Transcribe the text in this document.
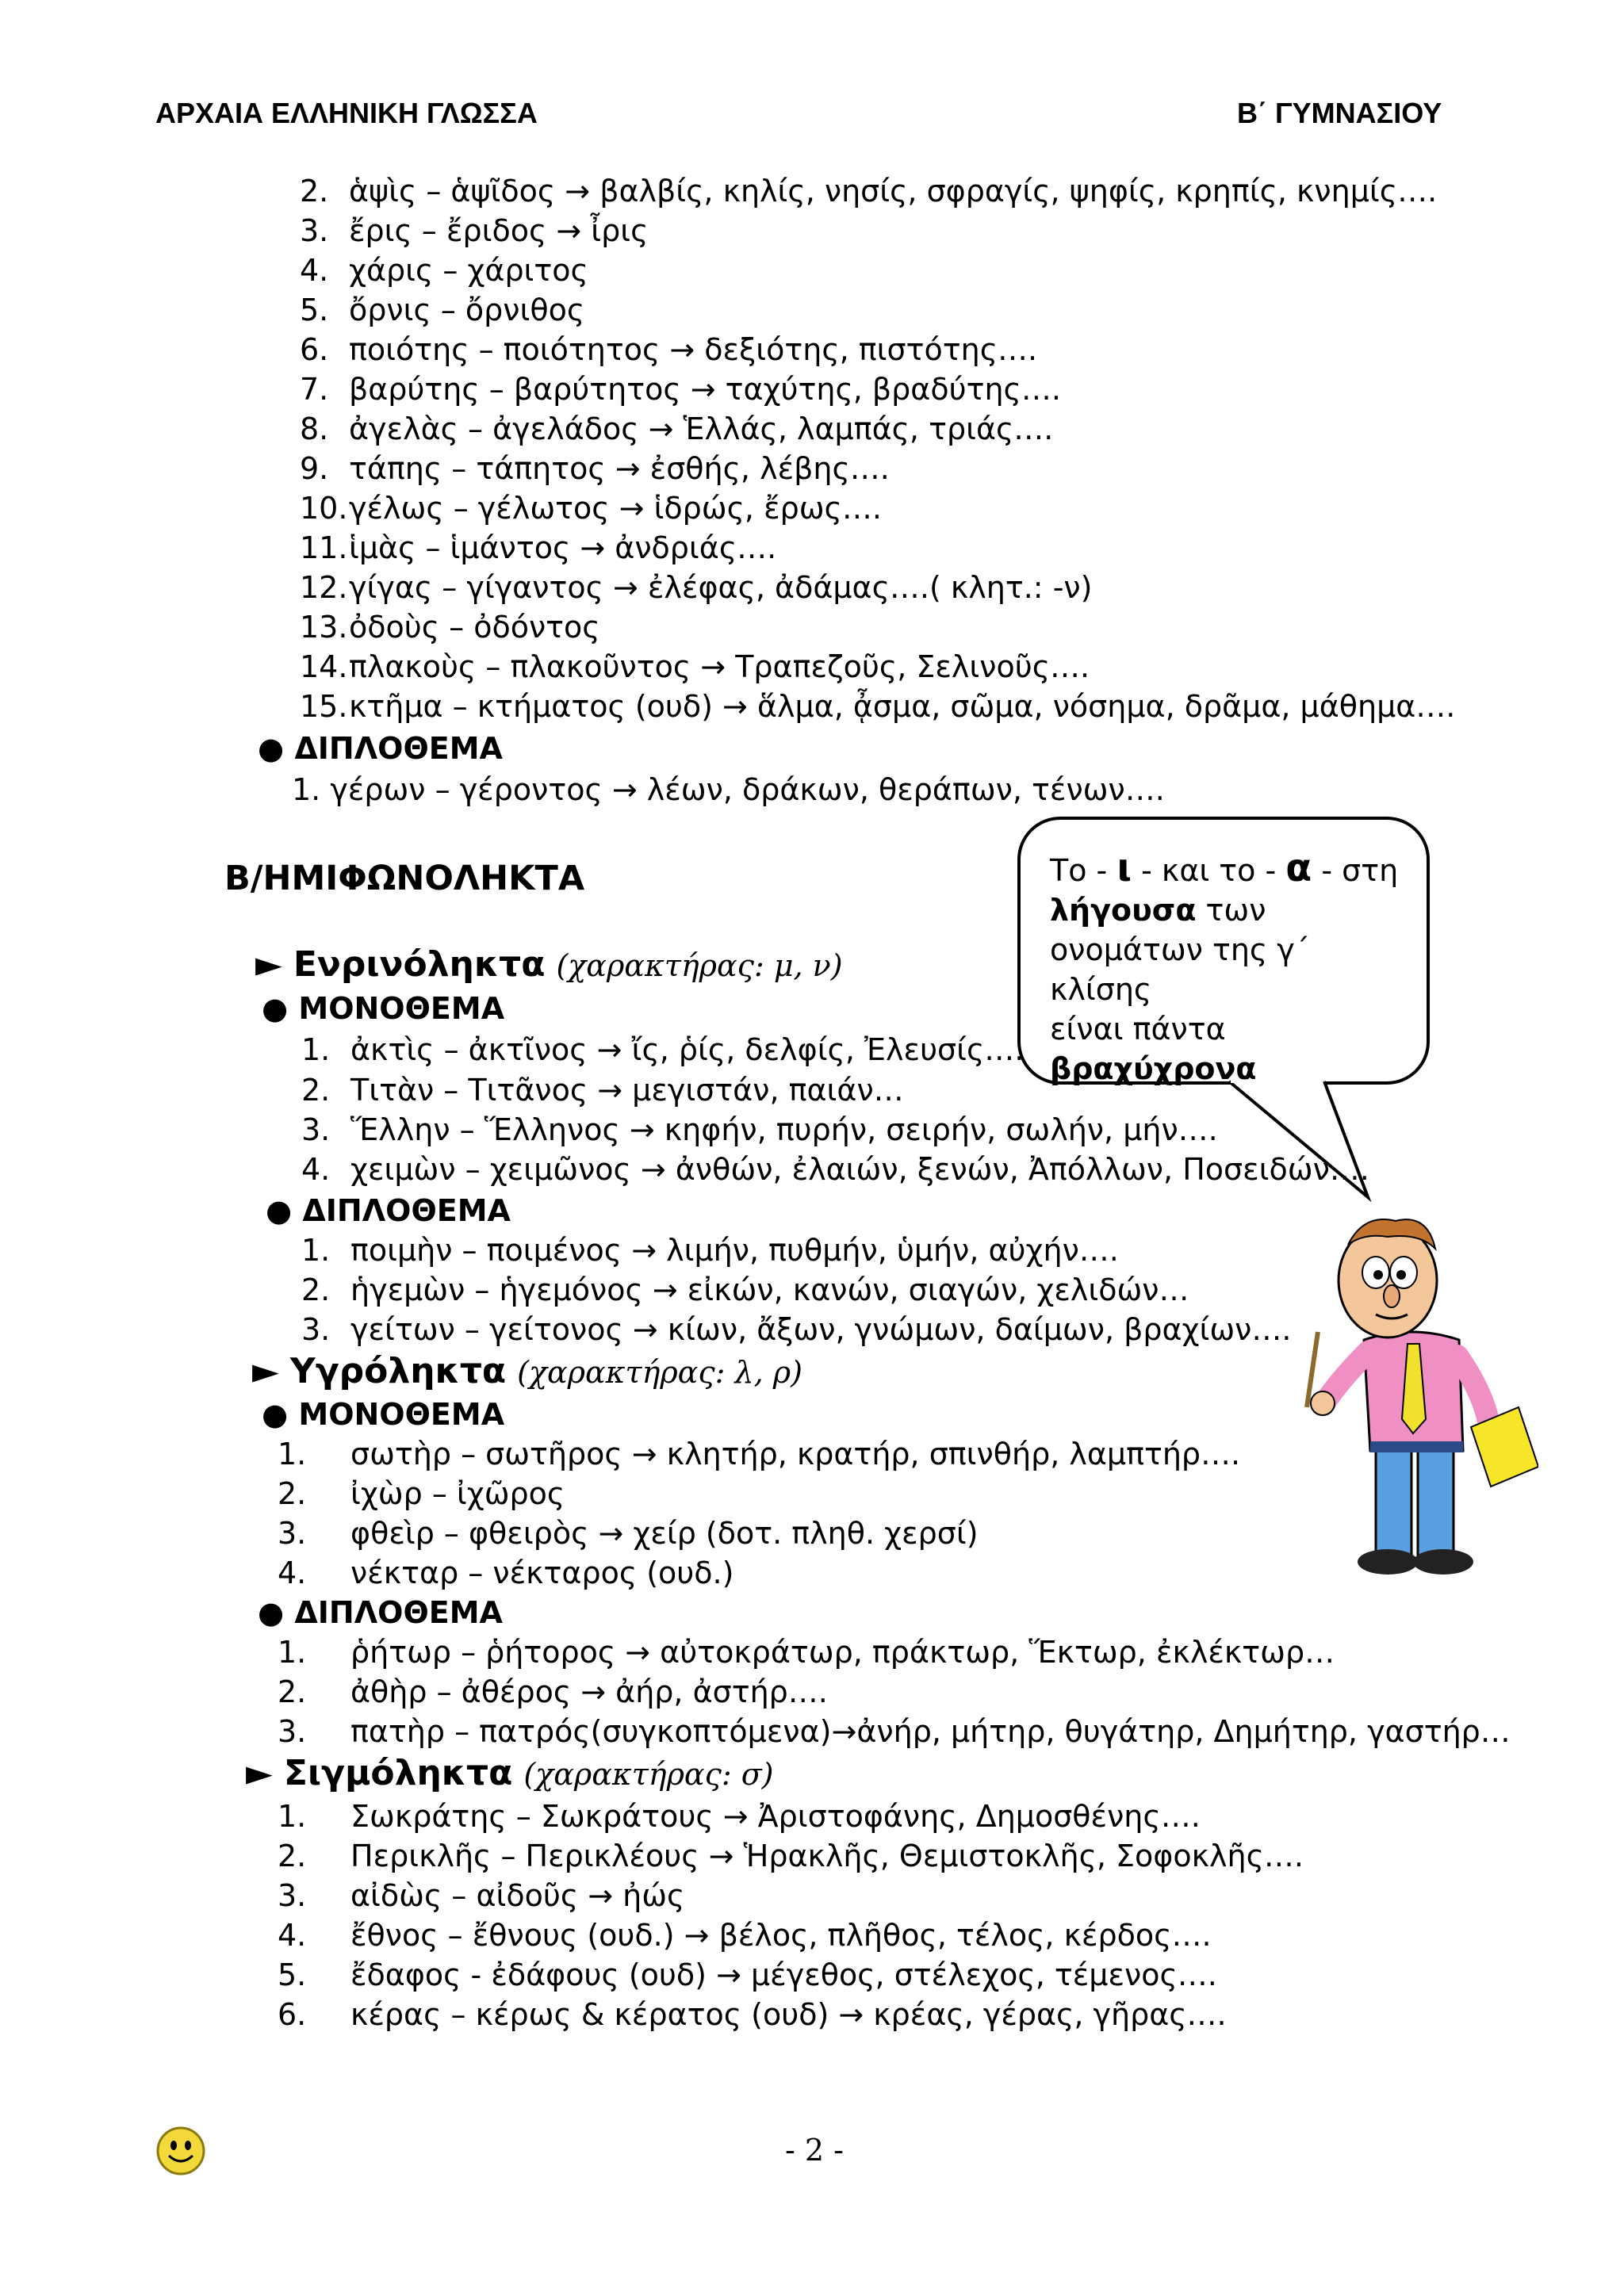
ΑΡΧΑΙΑ ΕΛΛΗΝΙΚΗ ΓΛΩΣΣΑ	Β΄ ΓΥΜΝΑΣΙΟΥ
2. ἁψὶς – ἁψῖδος → βαλβίς, κηλίς, νησίς, σφραγίς, ψηφίς, κρηπίς, κνημίς….
3. ἔρις – ἔριδος → ἶρις
4. χάρις – χάριτος
5. ὄρνις – ὄρνιθος
6. ποιότης – ποιότητος → δεξιότης, πιστότης….
7. βαρύτης – βαρύτητος → ταχύτης, βραδύτης….
8. ἀγελὰς – ἀγελάδος → Ἑλλάς, λαμπάς, τριάς….
9. τάπης – τάπητος → ἐσθής, λέβης….
10. γέλως – γέλωτος → ἱδρώς, ἔρως….
11. ἱμὰς – ἱμάντος → ἀνδριάς….
12. γίγας – γίγαντος → ἐλέφας, ἀδάμας….( κλητ.: -ν)
13. ὀδοὺς – ὀδόντος
14. πλακοὺς – πλακοῦντος → Τραπεζοῦς, Σελινοῦς….
15. κτῆμα – κτήματος (ουδ) → ἅλμα, ᾆσμα, σῶμα, νόσημα, δρᾶμα, μάθημα….
● ΔΙΠΛΟΘΕΜΑ
1. γέρων – γέροντος → λέων, δράκων, θεράπων, τένων….
Β/ΗΜΙΦΩΝΟΛΗΚΤΑ	Το - ι - και το - α - στη
λήγουσα των
ονομάτων της γ΄ κλίσης
είναι πάντα
βραχύχρονα
► Ενρινόληκτα (χαρακτήρας: μ, ν)
● ΜΟΝΟΘΕΜΑ
1. ἀκτὶς – ἀκτῖνος → ἴς, ῥίς, δελφίς, Ἐλευσίς….
2. Τιτὰν – Τιτᾶνος → μεγιστάν, παιάν…
3. Ἕλλην – Ἕλληνος → κηφήν, πυρήν, σειρήν, σωλήν, μήν….
4. χειμὼν – χειμῶνος → ἀνθών, ἐλαιών, ξενών, Ἀπόλλων, Ποσειδών….
● ΔΙΠΛΟΘΕΜΑ
1. ποιμὴν – ποιμένος → λιμήν, πυθμήν, ὑμήν, αὐχήν….
2. ἡγεμὼν – ἡγεμόνος → εἰκών, κανών, σιαγών, χελιδών…
3. γείτων – γείτονος → κίων, ἄξων, γνώμων, δαίμων, βραχίων….
► Υγρόληκτα (χαρακτήρας: λ, ρ)
● ΜΟΝΟΘΕΜΑ
1. σωτὴρ – σωτῆρος → κλητήρ, κρατήρ, σπινθήρ, λαμπτήρ….
2. ἰχὼρ – ἰχῶρος
3. φθεὶρ – φθειρὸς → χείρ (δοτ. πληθ. χερσί)
4. νέκταρ – νέκταρος (ουδ.)
● ΔΙΠΛΟΘΕΜΑ
1. ῥήτωρ – ῥήτορος → αὐτοκράτωρ, πράκτωρ, Ἕκτωρ, ἐκλέκτωρ…
2. ἀθὴρ – ἀθέρος → ἀήρ, ἀστήρ….
3. πατὴρ – πατρός(συγκοπτόμενα)→ἀνήρ, μήτηρ, θυγάτηρ, Δημήτηρ, γαστήρ…
► Σιγμόληκτα (χαρακτήρας: σ)
1. Σωκράτης – Σωκράτους → Ἀριστοφάνης, Δημοσθένης….
2. Περικλῆς – Περικλέους → Ἡρακλῆς, Θεμιστοκλῆς, Σοφοκλῆς….
3. αἰδὼς – αἰδοῦς → ἠώς
4. ἔθνος – ἔθνους (ουδ.) → βέλος, πλῆθος, τέλος, κέρδος….
5. ἔδαφος - ἐδάφους (ουδ) → μέγεθος, στέλεχος, τέμενος….
6. κέρας – κέρως & κέρατος (ουδ) → κρέας, γέρας, γῆρας….
- 2 -
